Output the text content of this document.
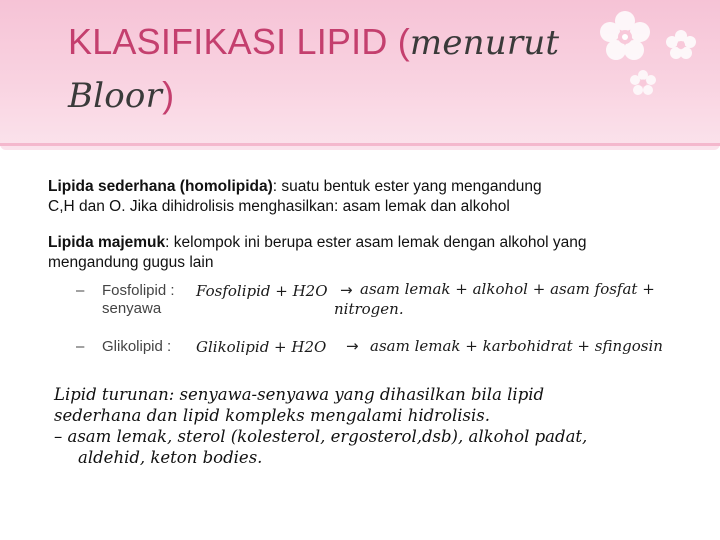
KLASIFIKASI LIPID (menurut
Bloor)
Lipida sederhana (homolipida): suatu bentuk ester yang mengandung
C,H dan O. Jika dihidrolisis menghasilkan: asam lemak dan alkohol
Lipida majemuk: kelompok ini berupa ester asam lemak dengan alkohol yang
mengandung gugus lain
– Fosfolipid :
senyawa
Fosfolipid + H2O → asam lemak + alkohol + asam fosfat +
nitrogen.
– Glikolipid : Glikolipid + H2O → asam lemak + karbohidrat + sfingosin
Lipid turunan: senyawa-senyawa yang dihasilkan bila lipid
sederhana dan lipid kompleks mengalami hidrolisis.
– asam lemak, sterol (kolesterol, ergosterol,dsb), alkohol padat,
aldehid, keton bodies.
